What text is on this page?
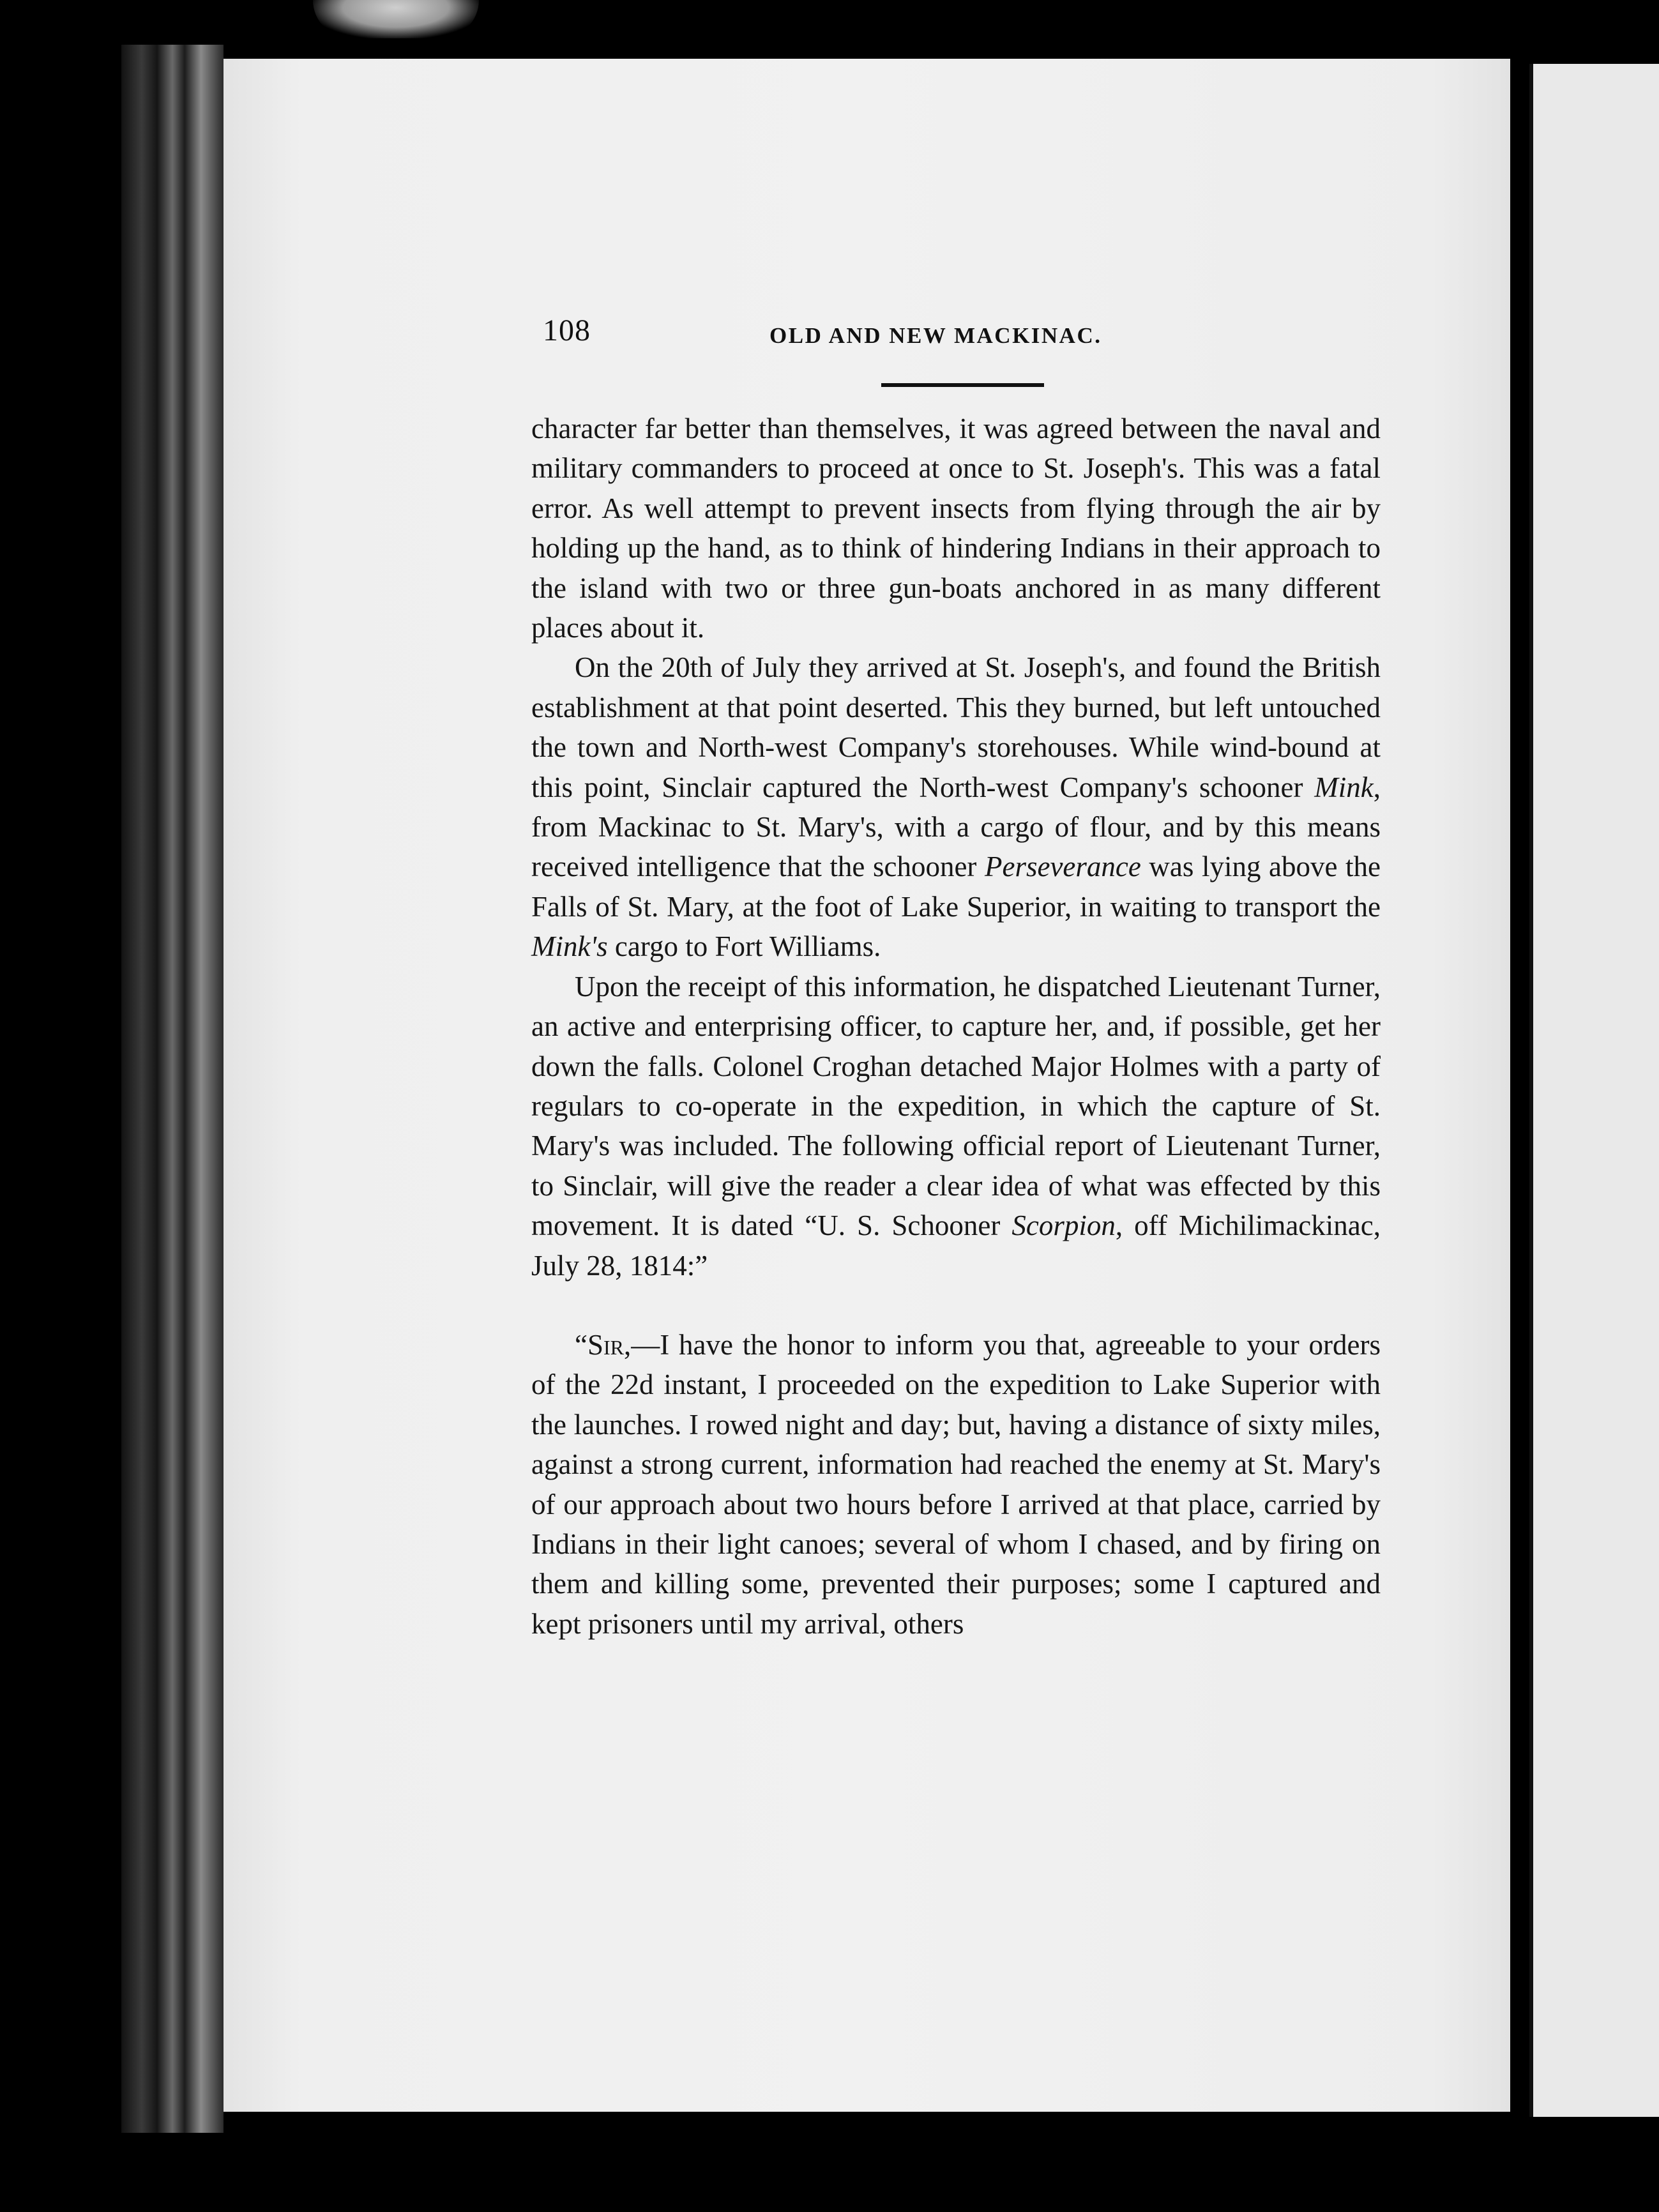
108	OLD AND NEW MACKINAC.

character far better than themselves, it was agreed between the naval and military commanders to proceed at once to St. Joseph's. This was a fatal error. As well attempt to prevent insects from flying through the air by holding up the hand, as to think of hindering Indians in their approach to the island with two or three gun-boats anchored in as many different places about it.

On the 20th of July they arrived at St. Joseph's, and found the British establishment at that point deserted. This they burned, but left untouched the town and North-west Company's storehouses. While wind-bound at this point, Sinclair captured the North-west Company's schooner Mink, from Mackinac to St. Mary's, with a cargo of flour, and by this means received intelligence that the schooner Perseverance was lying above the Falls of St. Mary, at the foot of Lake Superior, in waiting to transport the Mink's cargo to Fort Williams.

Upon the receipt of this information, he dispatched Lieutenant Turner, an active and enterprising officer, to capture her, and, if possible, get her down the falls. Colonel Croghan detached Major Holmes with a party of regulars to co-operate in the expedition, in which the capture of St. Mary's was included. The following official report of Lieutenant Turner, to Sinclair, will give the reader a clear idea of what was effected by this movement. It is dated “U. S. Schooner Scorpion, off Michilimackinac, July 28, 1814:”

“Sir,—I have the honor to inform you that, agreeable to your orders of the 22d instant, I proceeded on the expedition to Lake Superior with the launches. I rowed night and day; but, having a distance of sixty miles, against a strong current, information had reached the enemy at St. Mary's of our approach about two hours before I arrived at that place, carried by Indians in their light canoes; several of whom I chased, and by firing on them and killing some, prevented their purposes; some I captured and kept prisoners until my arrival, others
